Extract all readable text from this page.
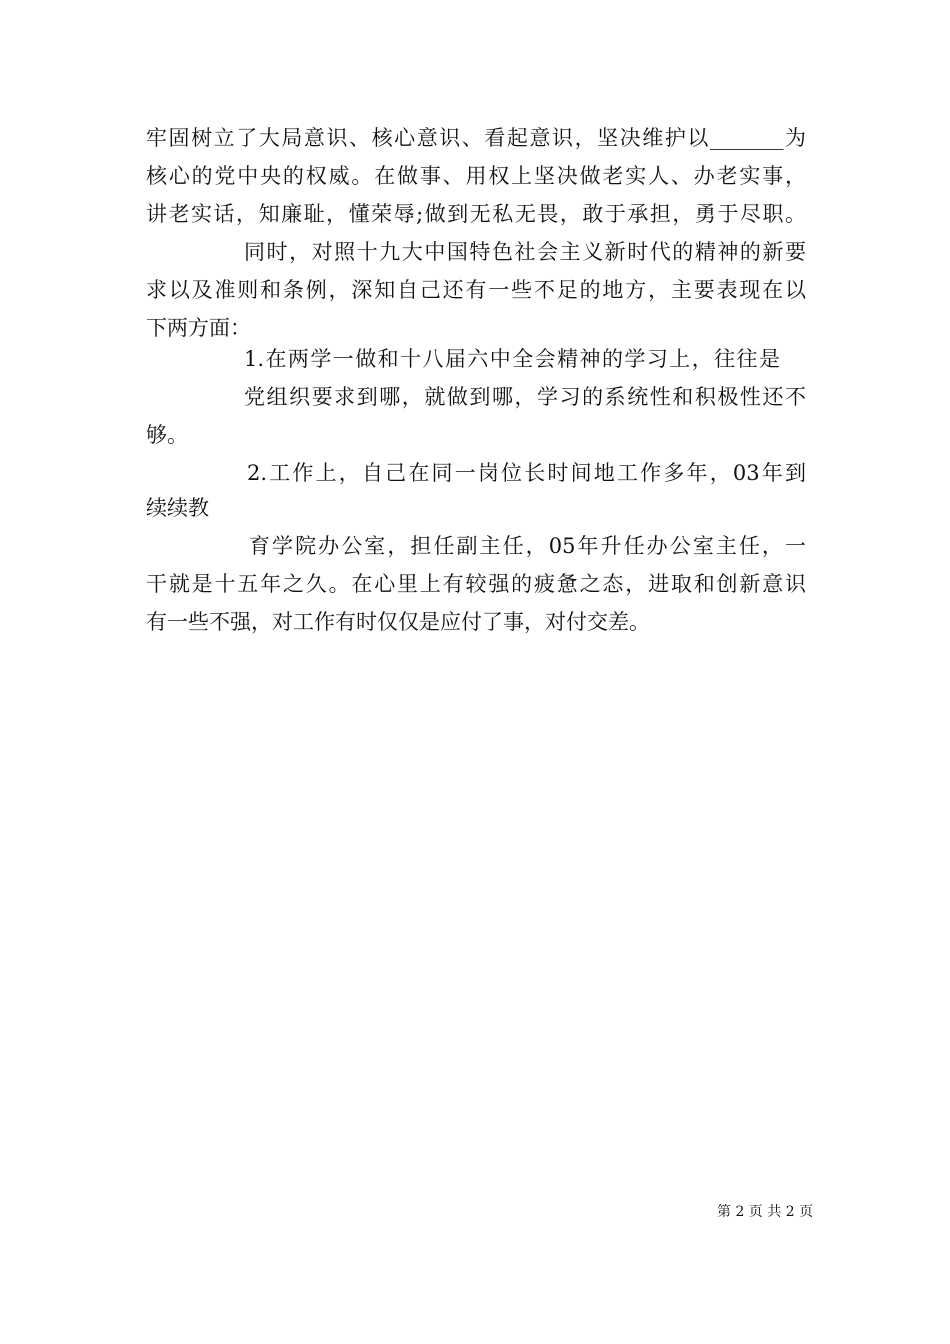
牢固树立了大局意识、核心意识、看起意识，坚决维护以_______为
核心的党中央的权威。在做事、用权上坚决做老实人、办老实事，
讲老实话，知廉耻，懂荣辱;做到无私无畏，敢于承担，勇于尽职。
同时，对照十九大中国特色社会主义新时代的精神的新要
求以及准则和条例，深知自己还有一些不足的地方，主要表现在以
下两方面：
1.在两学一做和十八届六中全会精神的学习上，往往是
党组织要求到哪，就做到哪，学习的系统性和积极性还不
够。
2.工作上，自己在同一岗位长时间地工作多年，03年到
续续教
育学院办公室，担任副主任，05年升任办公室主任，一
干就是十五年之久。在心里上有较强的疲惫之态，进取和创新意识
有一些不强，对工作有时仅仅是应付了事，对付交差。
第 2 页 共 2 页
